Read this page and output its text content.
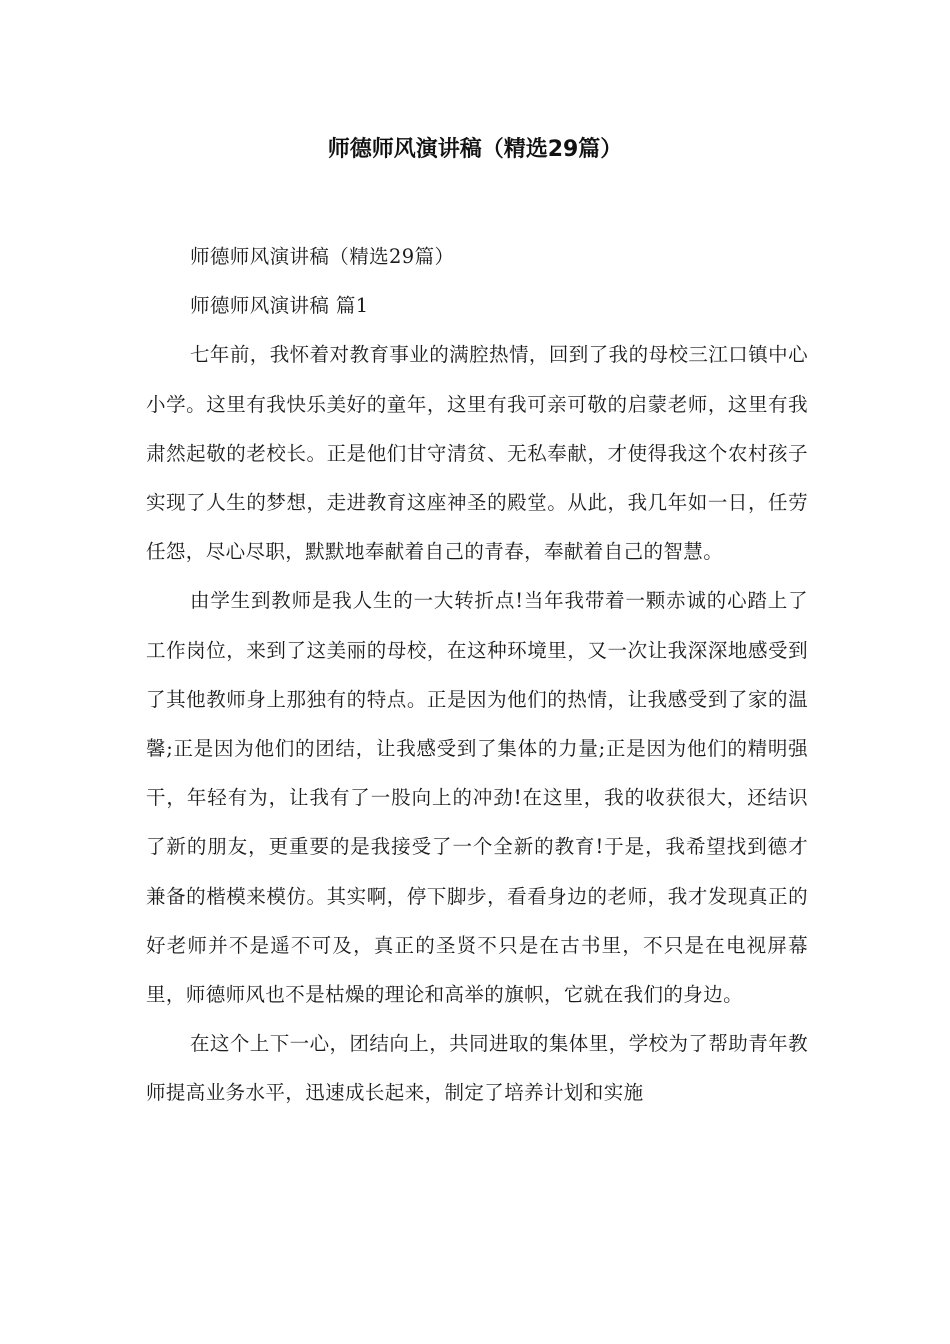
师德师风演讲稿（精选29篇）

师德师风演讲稿（精选29篇）

师德师风演讲稿 篇1

七年前，我怀着对教育事业的满腔热情，回到了我的母校三江口镇中心小学。这里有我快乐美好的童年，这里有我可亲可敬的启蒙老师，这里有我肃然起敬的老校长。正是他们甘守清贫、无私奉献，才使得我这个农村孩子实现了人生的梦想，走进教育这座神圣的殿堂。从此，我几年如一日，任劳任怨，尽心尽职，默默地奉献着自己的青春，奉献着自己的智慧。

由学生到教师是我人生的一大转折点!当年我带着一颗赤诚的心踏上了工作岗位，来到了这美丽的母校，在这种环境里，又一次让我深深地感受到了其他教师身上那独有的特点。正是因为他们的热情，让我感受到了家的温馨;正是因为他们的团结，让我感受到了集体的力量;正是因为他们的精明强干，年轻有为，让我有了一股向上的冲劲!在这里，我的收获很大，还结识了新的朋友，更重要的是我接受了一个全新的教育!于是，我希望找到德才兼备的楷模来模仿。其实啊，停下脚步，看看身边的老师，我才发现真正的好老师并不是遥不可及，真正的圣贤不只是在古书里，不只是在电视屏幕里，师德师风也不是枯燥的理论和高举的旗帜，它就在我们的身边。

在这个上下一心，团结向上，共同进取的集体里，学校为了帮助青年教师提高业务水平，迅速成长起来，制定了培养计划和实施
